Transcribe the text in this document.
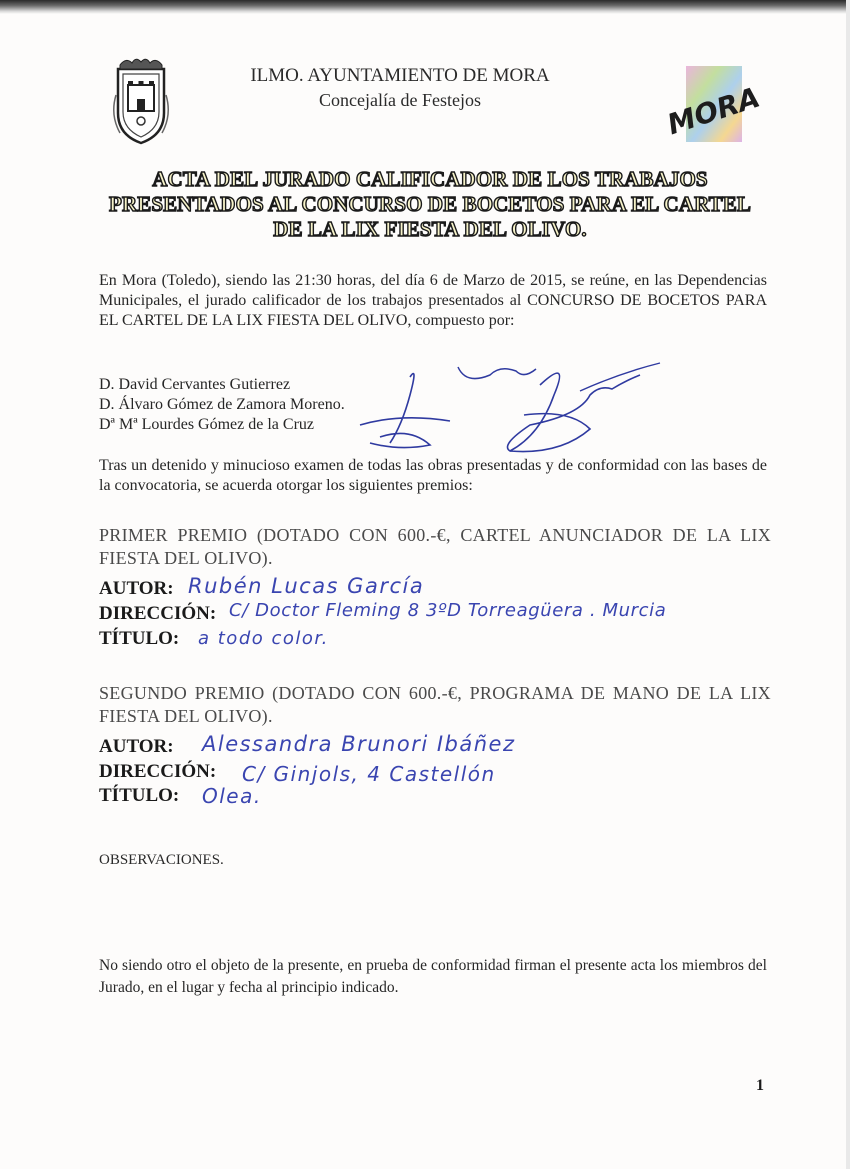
ILMO. AYUNTAMIENTO DE MORA
Concejalía de Festejos	MORA
ACTA DEL JURADO CALIFICADOR DE LOS TRABAJOS
PRESENTADOS AL CONCURSO DE BOCETOS PARA EL CARTEL
DE LA LIX FIESTA DEL OLIVO.
En Mora (Toledo), siendo las 21:30 horas, del día 6 de Marzo de 2015, se reúne, en las Dependencias Municipales, el jurado calificador de los trabajos presentados al CONCURSO DE BOCETOS PARA EL CARTEL DE LA LIX FIESTA DEL OLIVO, compuesto por:
D. David Cervantes Gutierrez
D. Álvaro Gómez de Zamora Moreno.
Dª Mª Lourdes Gómez de la Cruz
Tras un detenido y minucioso examen de todas las obras presentadas y de conformidad con las bases de la convocatoria, se acuerda otorgar los siguientes premios:
PRIMER PREMIO (DOTADO CON 600.-€, CARTEL ANUNCIADOR DE LA LIX FIESTA DEL OLIVO).
AUTOR: Rubén Lucas García
DIRECCIÓN: C/ Doctor Fleming 8 3ºD Torreagüera . Murcia
TÍTULO: a todo color.
SEGUNDO PREMIO (DOTADO CON 600.-€, PROGRAMA DE MANO DE LA LIX FIESTA DEL OLIVO).
AUTOR: Alessandra Brunori Ibáñez
DIRECCIÓN: C/ Ginjols, 4 Castellón
TÍTULO: Olea.
OBSERVACIONES.
No siendo otro el objeto de la presente, en prueba de conformidad firman el presente acta los miembros del Jurado, en el lugar y fecha al principio indicado.
1
